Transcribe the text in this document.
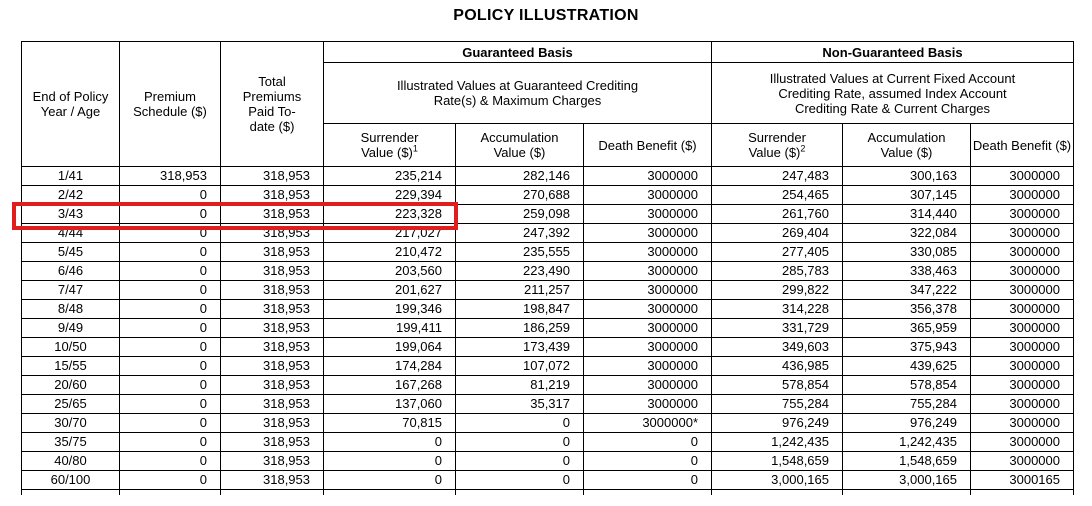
POLICY ILLUSTRATION
End of Policy Year / Age	Premium Schedule ($)	Total Premiums Paid To-date ($)	Guaranteed Basis			Non-Guaranteed Basis		
			Illustrated Values at Guaranteed Crediting Rate(s) & Maximum Charges			Illustrated Values at Current Fixed Account Crediting Rate, assumed Index Account Crediting Rate & Current Charges		
			Surrender Value ($)$^1$	Accumulation Value ($)	Death Benefit ($)	Surrender Value ($)$^2$	Accumulation Value ($)	Death Benefit ($)
1/41	318,953	318,953	235,214	282,146	3000000	247,483	300,163	3000000
2/42	0	318,953	229,394	270,688	3000000	254,465	307,145	3000000
3/43	0	318,953	223,328	259,098	3000000	261,760	314,440	3000000
4/44	0	318,953	217,027	247,392	3000000	269,404	322,084	3000000
5/45	0	318,953	210,472	235,555	3000000	277,405	330,085	3000000
6/46	0	318,953	203,560	223,490	3000000	285,783	338,463	3000000
7/47	0	318,953	201,627	211,257	3000000	299,822	347,222	3000000
8/48	0	318,953	199,346	198,847	3000000	314,228	356,378	3000000
9/49	0	318,953	199,411	186,259	3000000	331,729	365,959	3000000
10/50	0	318,953	199,064	173,439	3000000	349,603	375,943	3000000
15/55	0	318,953	174,284	107,072	3000000	436,985	439,625	3000000
20/60	0	318,953	167,268	81,219	3000000	578,854	578,854	3000000
25/65	0	318,953	137,060	35,317	3000000	755,284	755,284	3000000
30/70	0	318,953	70,815	0	3000000*	976,249	976,249	3000000
35/75	0	318,953	0	0	0	1,242,435	1,242,435	3000000
40/80	0	318,953	0	0	0	1,548,659	1,548,659	3000000
60/100	0	318,953	0	0	0	3,000,165	3,000,165	3000165
